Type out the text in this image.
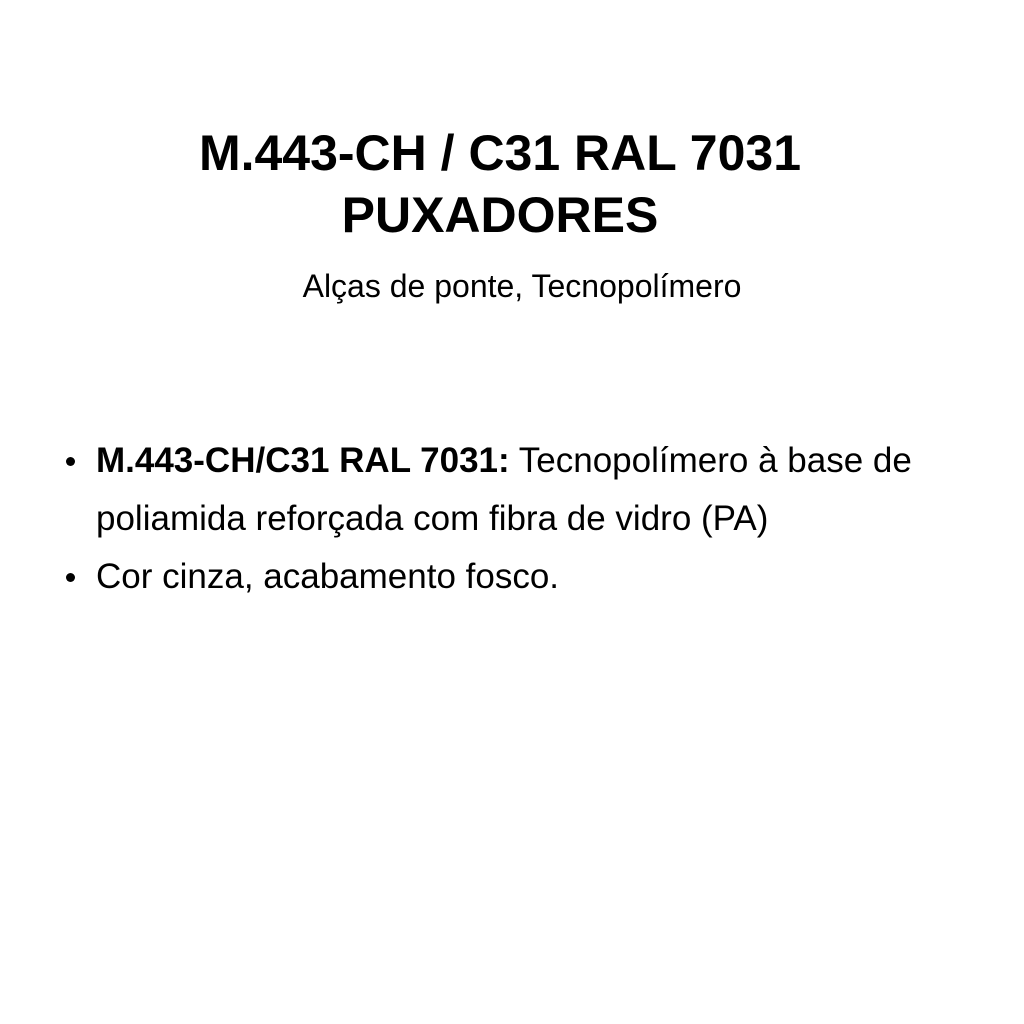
M.443-CH / C31 RAL 7031

PUXADORES

Alças de ponte, Tecnopolímero
M.443-CH/C31 RAL 7031: Tecnopolímero à base de poliamida reforçada com fibra de vidro (PA)
Cor cinza, acabamento fosco.
